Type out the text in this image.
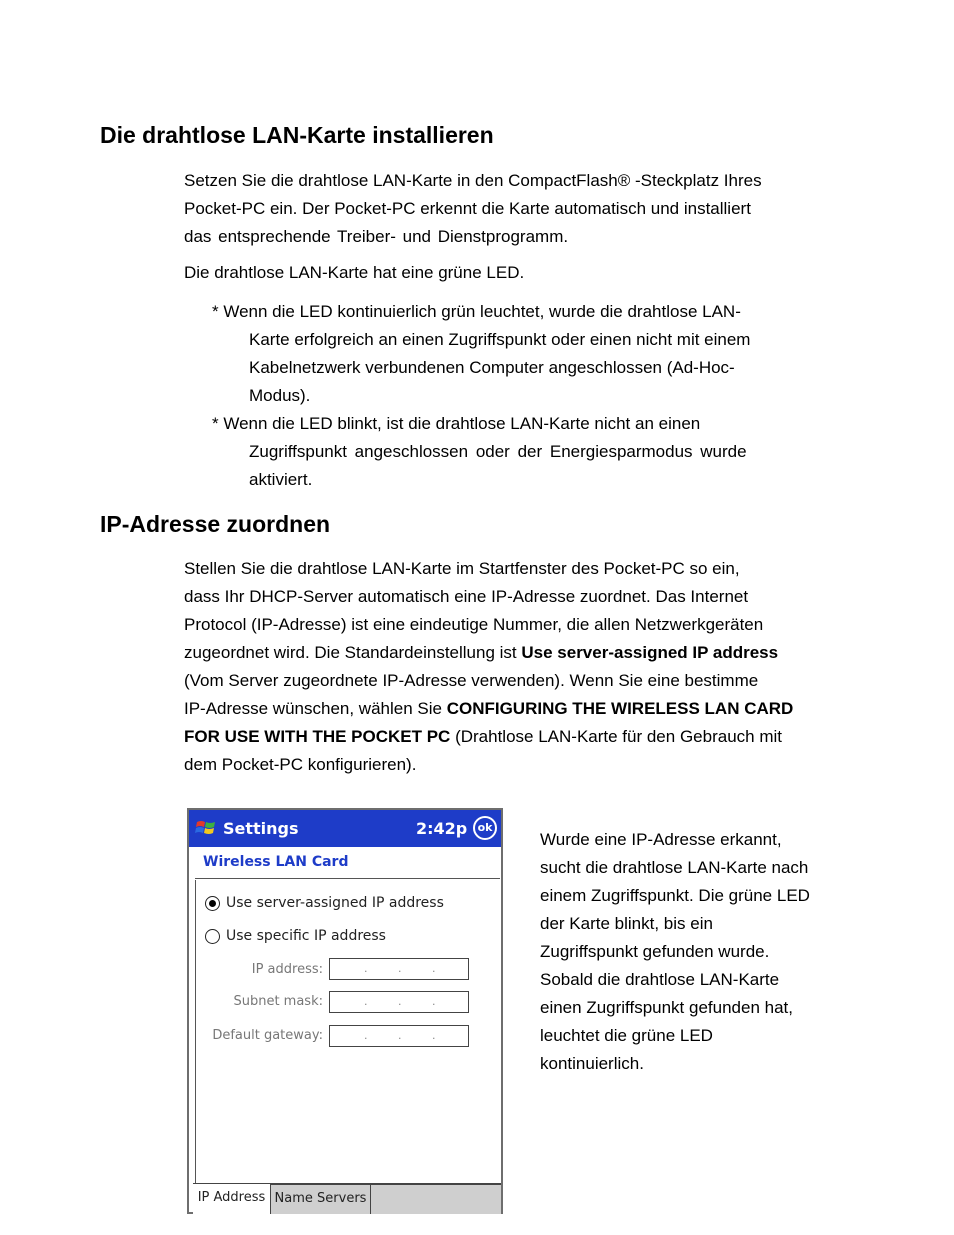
Die drahtlose LAN-Karte installieren
Setzen Sie die drahtlose LAN-Karte in den CompactFlash® -Steckplatz Ihres
Pocket-PC ein. Der Pocket-PC erkennt die Karte automatisch und installiert
das entsprechende Treiber- und Dienstprogramm.

Die drahtlose LAN-Karte hat eine grüne LED.

* Wenn die LED kontinuierlich grün leuchtet, wurde die drahtlose LAN-
Karte erfolgreich an einen Zugriffspunkt oder einen nicht mit einem
Kabelnetzwerk verbundenen Computer angeschlossen (Ad-Hoc-
Modus).
* Wenn die LED blinkt, ist die drahtlose LAN-Karte nicht an einen
Zugriffspunkt angeschlossen oder der Energiesparmodus wurde
aktiviert.
IP-Adresse zuordnen
Stellen Sie die drahtlose LAN-Karte im Startfenster des Pocket-PC so ein,
dass Ihr DHCP-Server automatisch eine IP-Adresse zuordnet. Das Internet
Protocol (IP-Adresse) ist eine eindeutige Nummer, die allen Netzwerkgeräten
zugeordnet wird. Die Standardeinstellung ist Use server-assigned IP address
(Vom Server zugeordnete IP-Adresse verwenden). Wenn Sie eine bestimme
IP-Adresse wünschen, wählen Sie CONFIGURING THE WIRELESS LAN CARD
FOR USE WITH THE POCKET PC (Drahtlose LAN-Karte für den Gebrauch mit
dem Pocket-PC konfigurieren).
Settings	2:42p ok
Wireless LAN Card
Use server-assigned IP address
Use specific IP address
IP address:	.	.	.
Subnet mask:	.	.	.
Default gateway:	.	.	.
IP Address Name Servers
Wurde eine IP-Adresse erkannt,
sucht die drahtlose LAN-Karte nach
einem Zugriffspunkt. Die grüne LED
der Karte blinkt, bis ein
Zugriffspunkt gefunden wurde.
Sobald die drahtlose LAN-Karte
einen Zugriffspunkt gefunden hat,
leuchtet die grüne LED
kontinuierlich.
